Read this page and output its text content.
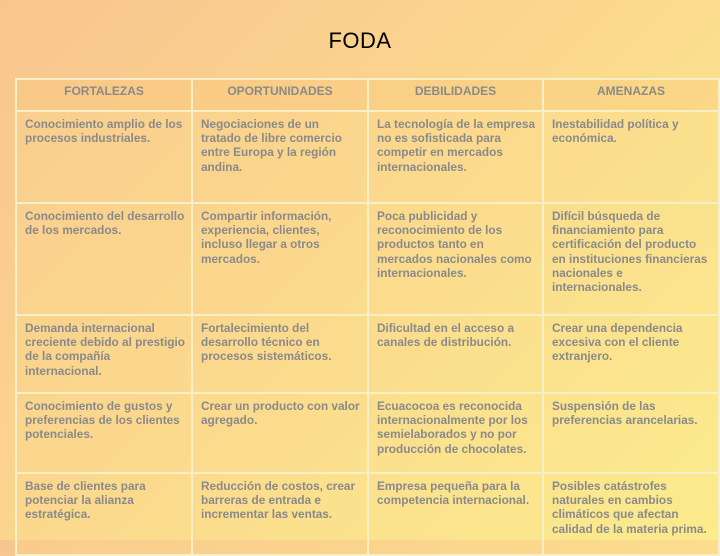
FODA
FORTALEZAS	OPORTUNIDADES	DEBILIDADES	AMENAZAS
Conocimiento amplio de los procesos industriales.	Negociaciones de un tratado de libre comercio entre Europa y la región andina.	La tecnología de la empresa no es sofisticada para competir en mercados internacionales.	Inestabilidad política y económica.
Conocimiento del desarrollo de los mercados.	Compartir información, experiencia, clientes, incluso llegar a otros mercados.	Poca publicidad y reconocimiento de los productos tanto en mercados nacionales como internacionales.	Difícil búsqueda de financiamiento para certificación del producto en instituciones financieras nacionales e internacionales.
Demanda internacional creciente debido al prestigio de la compañía internacional.	Fortalecimiento del desarrollo técnico en procesos sistemáticos.	Dificultad en el acceso a canales de distribución.	Crear una dependencia excesiva con el cliente extranjero.
Conocimiento de gustos y preferencias de los clientes potenciales.	Crear un producto con valor agregado.	Ecuacocoa es reconocida internacionalmente por los semielaborados y no por producción de chocolates.	Suspensión de las preferencias arancelarias.
Base de clientes para potenciar la alianza estratégica.	Reducción de costos, crear barreras de entrada e incrementar las ventas.	Empresa pequeña para la competencia internacional.	Posibles catástrofes naturales en cambios climáticos que afectan calidad de la materia prima.
